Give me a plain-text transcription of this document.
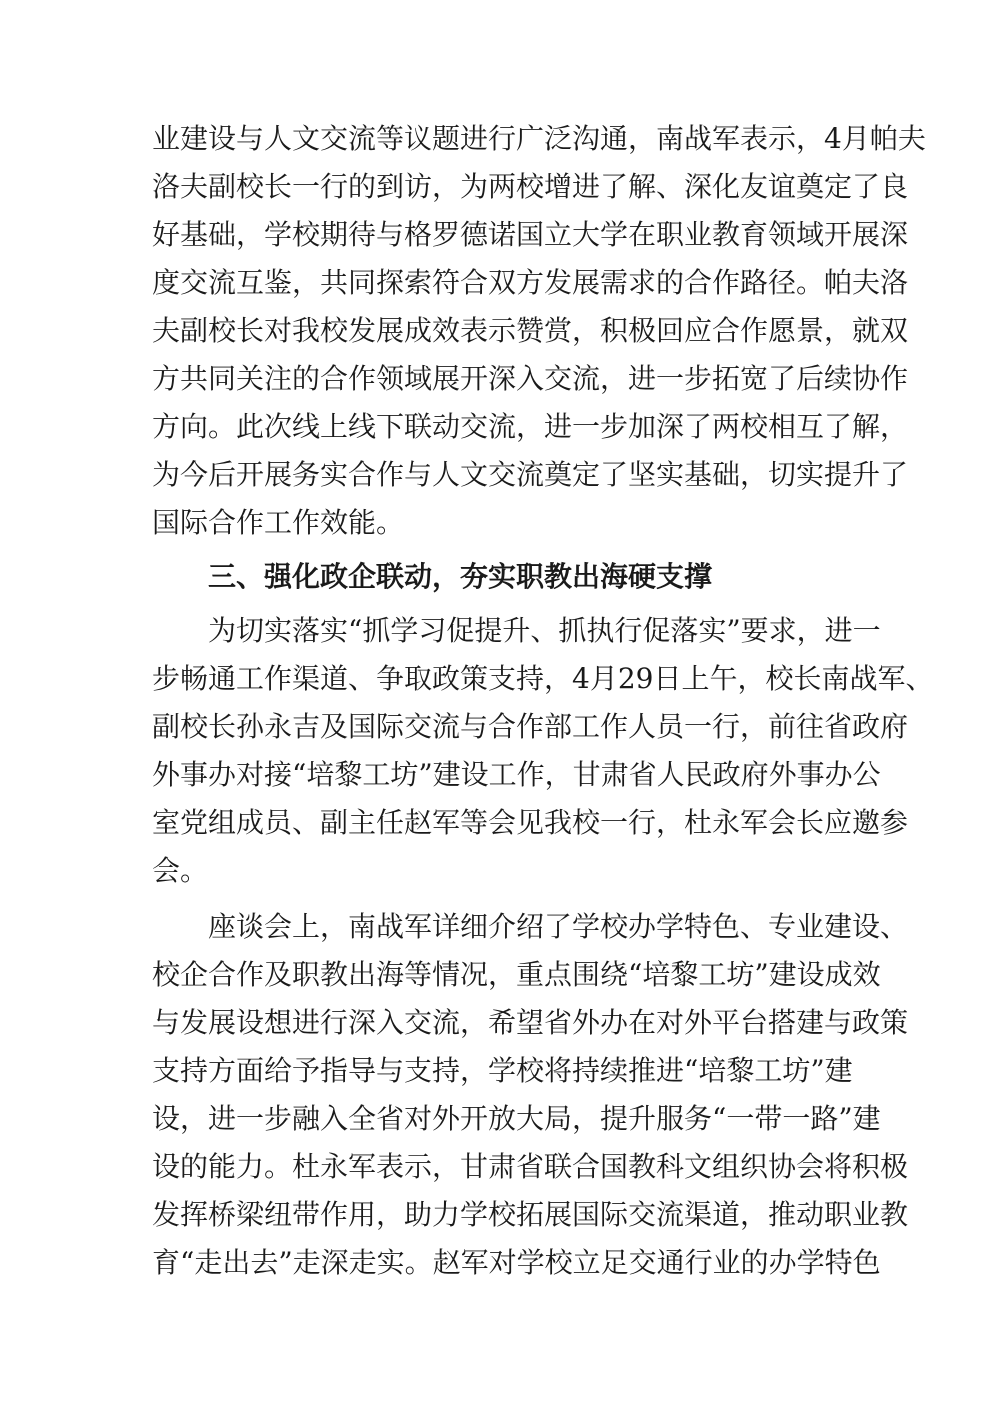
业建设与人文交流等议题进行广泛沟通，南战军表示，4月帕夫
洛夫副校长一行的到访，为两校增进了解、深化友谊奠定了良
好基础，学校期待与格罗德诺国立大学在职业教育领域开展深
度交流互鉴，共同探索符合双方发展需求的合作路径。帕夫洛
夫副校长对我校发展成效表示赞赏，积极回应合作愿景，就双
方共同关注的合作领域展开深入交流，进一步拓宽了后续协作
方向。此次线上线下联动交流，进一步加深了两校相互了解，
为今后开展务实合作与人文交流奠定了坚实基础，切实提升了
国际合作工作效能。
三、强化政企联动，夯实职教出海硬支撑
为切实落实“抓学习促提升、抓执行促落实”要求，进一
步畅通工作渠道、争取政策支持，4月29日上午，校长南战军、
副校长孙永吉及国际交流与合作部工作人员一行，前往省政府
外事办对接“培黎工坊”建设工作，甘肃省人民政府外事办公
室党组成员、副主任赵军等会见我校一行，杜永军会长应邀参
会。
座谈会上，南战军详细介绍了学校办学特色、专业建设、
校企合作及职教出海等情况，重点围绕“培黎工坊”建设成效
与发展设想进行深入交流，希望省外办在对外平台搭建与政策
支持方面给予指导与支持，学校将持续推进“培黎工坊”建
设，进一步融入全省对外开放大局，提升服务“一带一路”建
设的能力。杜永军表示，甘肃省联合国教科文组织协会将积极
发挥桥梁纽带作用，助力学校拓展国际交流渠道，推动职业教
育“走出去”走深走实。赵军对学校立足交通行业的办学特色
